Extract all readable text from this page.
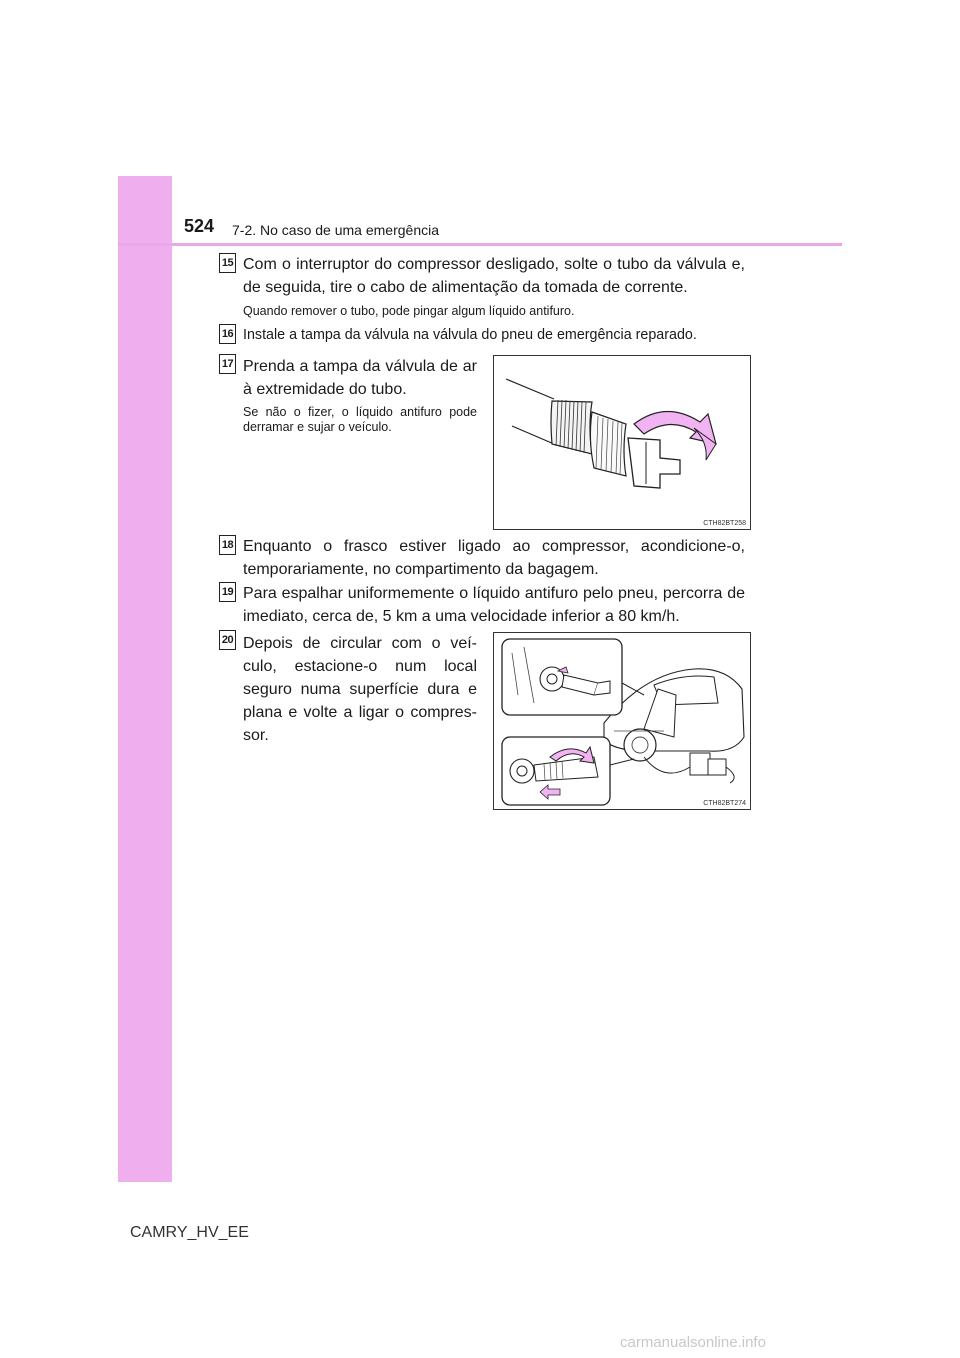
524 7-2. No caso de uma emergência
15 Com o interruptor do compressor desligado, solte o tubo da válvula e, de seguida, tire o cabo de alimentação da tomada de corrente.
Quando remover o tubo, pode pingar algum líquido antifuro.
16 Instale a tampa da válvula na válvula do pneu de emergência reparado.
17 Prenda a tampa da válvula de ar à extremidade do tubo.
Se não o fizer, o líquido antifuro pode derramar e sujar o veículo.
CTH82BT258
18 Enquanto o frasco estiver ligado ao compressor, acondicione-o, temporariamente, no compartimento da bagagem.
19 Para espalhar uniformemente o líquido antifuro pelo pneu, percorra de imediato, cerca de, 5 km a uma velocidade inferior a 80 km/h.
20 Depois de circular com o veí-culo, estacione-o num local seguro numa superfície dura e plana e volte a ligar o compres-sor.
CTH82BT274
CAMRY_HV_EE
carmanualsonline.info
